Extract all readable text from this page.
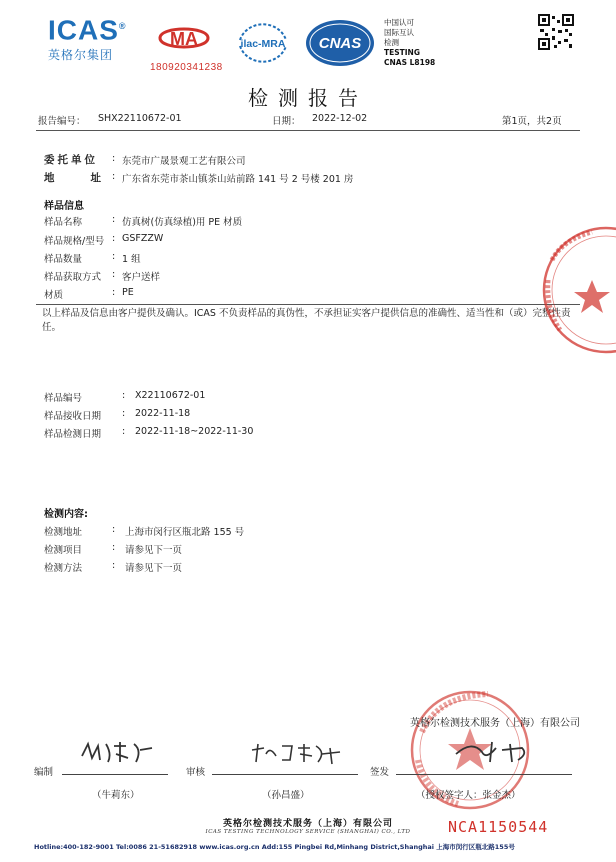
ICAS®
英格尔集团
MA
180920341238
ilac-MRA CNAS
中国认可
国际互认
检测
TESTING
CNAS L8198
检测报告
报告编号： SHX22110672-01	日期： 2022-12-02	第1页，共2页
委托单位 : 东莞市广晟景观工艺有限公司
地	址 : 广东省东莞市茶山镇茶山站前路 141 号 2 号楼 201 房
样品信息
样品名称	: 仿真树(仿真绿植)用 PE 材质
样品规格/型号 : GSFZZW
样品数量	: 1 组
样品获取方式 : 客户送样
材质	: PE
以上样品及信息由客户提供及确认。ICAS 不负责样品的真伪性，不承担证实客户提供信息的准确性、适当性和（或）完整性责任。
样品编号	: X22110672-01
样品接收日期 : 2022-11-18
样品检测日期 : 2022-11-18~2022-11-30
检测内容:
检测地址	: 上海市闵行区瓶北路 155 号
检测项目	: 请参见下一页
检测方法	: 请参见下一页
英格尔检测技术服务（上海）有限公司
编制	审核	签发
（牛莉东）	（孙昌盛）	（授权签字人：张金杰）
英格尔检测技术服务（上海）有限公司
ICAS TESTING TECHNOLOGY SERVICE (SHANGHAI) CO., LTD	NCA1150544
Hotline:400-182-9001 Tel:0086 21-51682918 www.icas.org.cn Add:155 Pingbei Rd,Minhang District,Shanghai 上海市闵行区瓶北路155号
